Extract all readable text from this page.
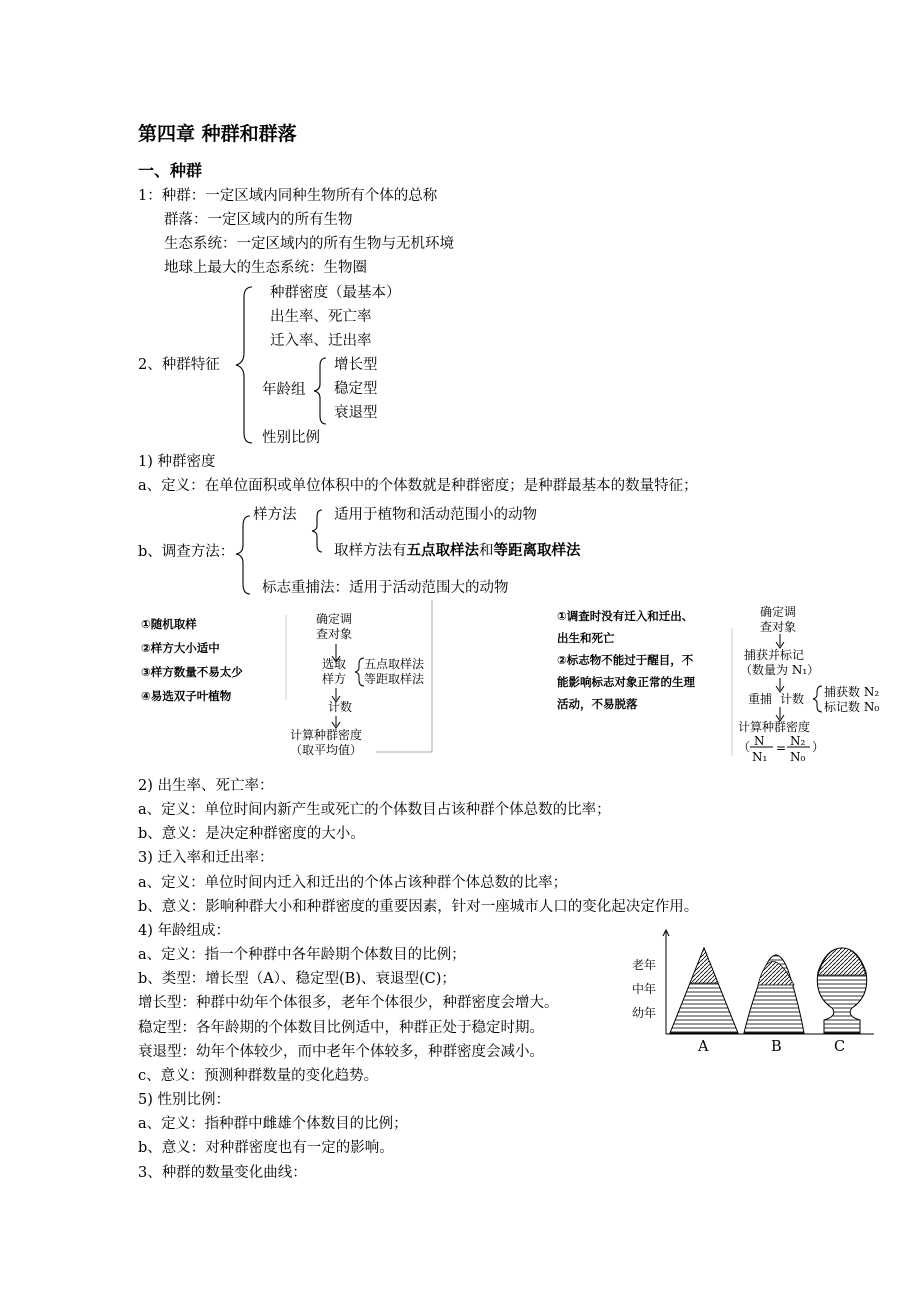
第四章 种群和群落
一、种群
1：种群：一定区域内同种生物所有个体的总称
群落：一定区域内的所有生物
生态系统：一定区域内的所有生物与无机环境
地球上最大的生态系统：生物圈
2、种群特征
种群密度（最基本）
出生率、死亡率
迁入率、迁出率
年龄组
增长型
稳定型
衰退型
性别比例
1) 种群密度
a、定义：在单位面积或单位体积中的个体数就是种群密度；是种群最基本的数量特征；
b、调查方法：
样方法	适用于植物和活动范围小的动物
取样方法有五点取样法和等距离取样法
标志重捕法：适用于活动范围大的动物
①随机取样
②样方大小适中
③样方数量不易太少
④易选双子叶植物
确定调
查对象
选取
样方
五点取样法
等距取样法
计数
计算种群密度
（取平均值）
①调查时没有迁入和迁出、
出生和死亡
②标志物不能过于醒目，不
能影响标志对象正常的生理
活动，不易脱落
确定调
查对象
捕获并标记
（数量为 N₁）
重捕 计数 捕获数 N₂
标记数 N₀
计算种群密度
（ N
N₁
= N₂
N₀
）
2) 出生率、死亡率：
a、定义：单位时间内新产生或死亡的个体数目占该种群个体总数的比率；
b、意义：是决定种群密度的大小。
3) 迁入率和迁出率：
a、定义：单位时间内迁入和迁出的个体占该种群个体总数的比率；
b、意义：影响种群大小和种群密度的重要因素，针对一座城市人口的变化起决定作用。
4) 年龄组成：
a、定义：指一个种群中各年龄期个体数目的比例；
b、类型：增长型（A）、稳定型(B)、衰退型(C)；
增长型：种群中幼年个体很多，老年个体很少，种群密度会增大。
稳定型：各年龄期的个体数目比例适中，种群正处于稳定时期。
衰退型：幼年个体较少，而中老年个体较多，种群密度会减小。
c、意义：预测种群数量的变化趋势。
老年
中年
幼年
A	B	C
5) 性别比例：
a、定义：指种群中雌雄个体数目的比例；
b、意义：对种群密度也有一定的影响。
3、种群的数量变化曲线：
